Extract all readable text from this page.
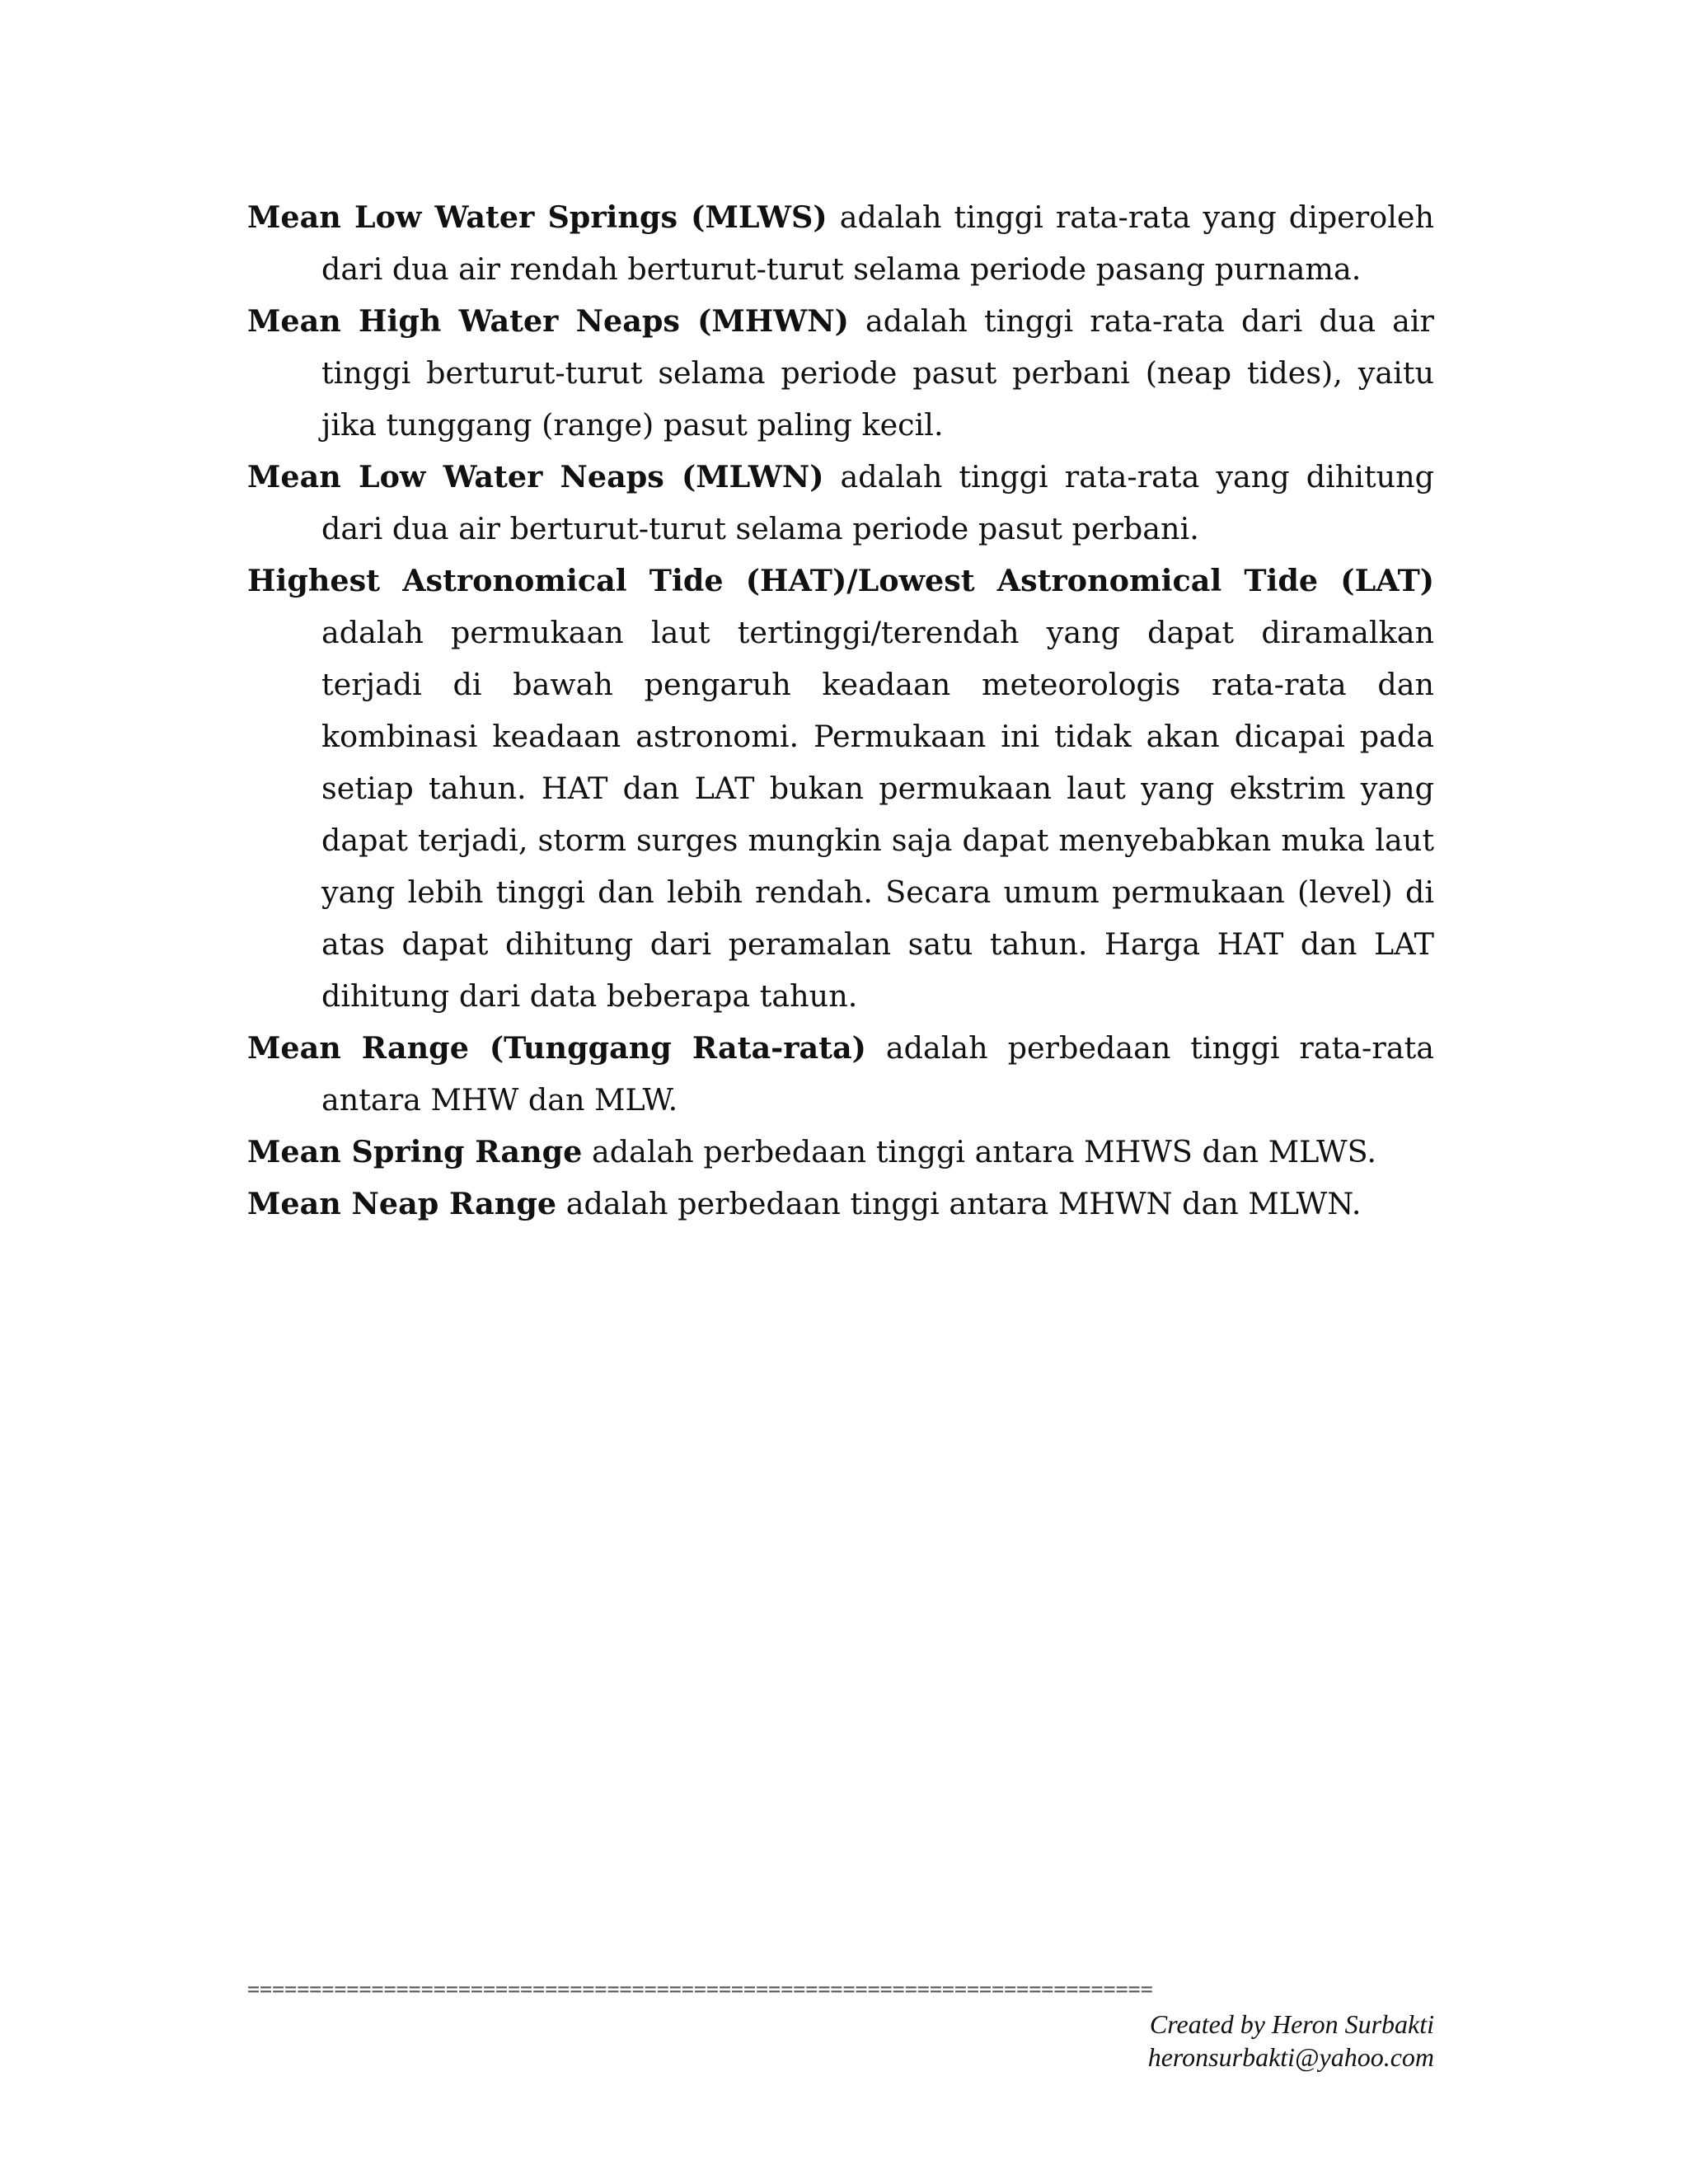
Mean Low Water Springs (MLWS) adalah tinggi rata-rata yang diperoleh dari dua air rendah berturut-turut selama periode pasang purnama.

Mean High Water Neaps (MHWN) adalah tinggi rata-rata dari dua air tinggi berturut-turut selama periode pasut perbani (neap tides), yaitu jika tunggang (range) pasut paling kecil.

Mean Low Water Neaps (MLWN) adalah tinggi rata-rata yang dihitung dari dua air berturut-turut selama periode pasut perbani.

Highest Astronomical Tide (HAT)/Lowest Astronomical Tide (LAT) adalah permukaan laut tertinggi/terendah yang dapat diramalkan terjadi di bawah pengaruh keadaan meteorologis rata-rata dan kombinasi keadaan astronomi. Permukaan ini tidak akan dicapai pada setiap tahun. HAT dan LAT bukan permukaan laut yang ekstrim yang dapat terjadi, storm surges mungkin saja dapat menyebabkan muka laut yang lebih tinggi dan lebih rendah. Secara umum permukaan (level) di atas dapat dihitung dari peramalan satu tahun. Harga HAT dan LAT dihitung dari data beberapa tahun.

Mean Range (Tunggang Rata-rata) adalah perbedaan tinggi rata-rata antara MHW dan MLW.

Mean Spring Range adalah perbedaan tinggi antara MHWS dan MLWS.

Mean Neap Range adalah perbedaan tinggi antara MHWN dan MLWN.

=========================================================================
Created by Heron Surbakti
heronsurbakti@yahoo.com
